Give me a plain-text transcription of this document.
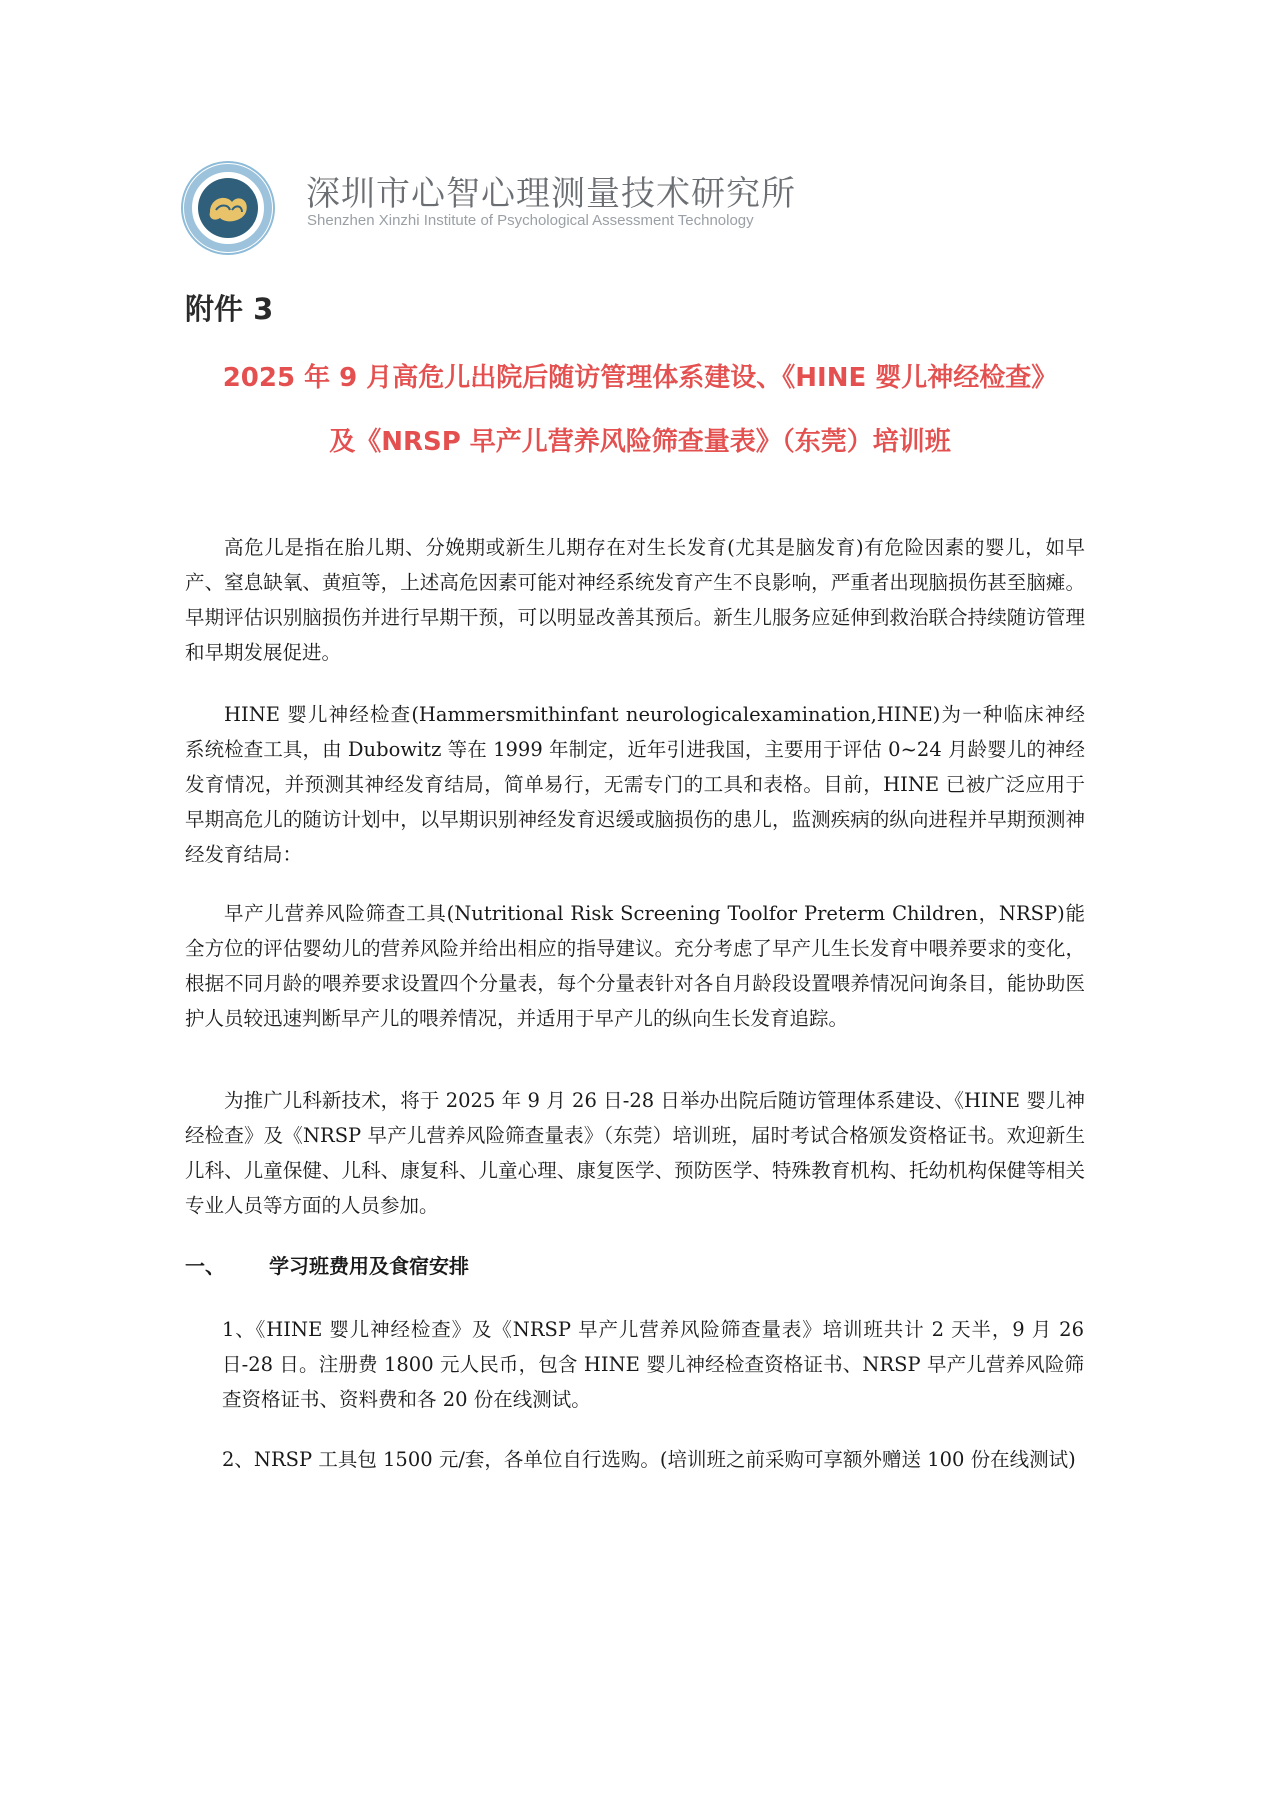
深圳市心智心理测量技术研究所
Shenzhen Xinzhi Institute of Psychological Assessment Technology
附件 3
2025 年 9 月高危儿出院后随访管理体系建设、《HINE 婴儿神经检查》
及《NRSP 早产儿营养风险筛查量表》（东莞）培训班

高危儿是指在胎儿期、分娩期或新生儿期存在对生长发育(尤其是脑发育)有危险因素的婴儿，如早产、窒息缺氧、黄疸等，上述高危因素可能对神经系统发育产生不良影响，严重者出现脑损伤甚至脑瘫。早期评估识别脑损伤并进行早期干预，可以明显改善其预后。新生儿服务应延伸到救治联合持续随访管理和早期发展促进。

HINE 婴儿神经检查(Hammersmithinfant neurologicalexamination,HINE)为一种临床神经系统检查工具，由 Dubowitz 等在 1999 年制定，近年引进我国，主要用于评估 0~24 月龄婴儿的神经发育情况，并预测其神经发育结局，简单易行，无需专门的工具和表格。目前，HINE 已被广泛应用于早期高危儿的随访计划中，以早期识别神经发育迟缓或脑损伤的患儿，监测疾病的纵向进程并早期预测神经发育结局：

早产儿营养风险筛查工具(Nutritional Risk Screening Toolfor Preterm Children，NRSP)能全方位的评估婴幼儿的营养风险并给出相应的指导建议。充分考虑了早产儿生长发育中喂养要求的变化，根据不同月龄的喂养要求设置四个分量表，每个分量表针对各自月龄段设置喂养情况问询条目，能协助医护人员较迅速判断早产儿的喂养情况，并适用于早产儿的纵向生长发育追踪。

为推广儿科新技术，将于 2025 年 9 月 26 日-28 日举办出院后随访管理体系建设、《HINE 婴儿神经检查》及《NRSP 早产儿营养风险筛查量表》（东莞）培训班，届时考试合格颁发资格证书。欢迎新生儿科、儿童保健、儿科、康复科、儿童心理、康复医学、预防医学、特殊教育机构、托幼机构保健等相关专业人员等方面的人员参加。

一、 学习班费用及食宿安排

1、《HINE 婴儿神经检查》及《NRSP 早产儿营养风险筛查量表》培训班共计 2 天半，9 月 26 日-28 日。注册费 1800 元人民币，包含 HINE 婴儿神经检查资格证书、NRSP 早产儿营养风险筛查资格证书、资料费和各 20 份在线测试。

2、NRSP 工具包 1500 元/套，各单位自行选购。(培训班之前采购可享额外赠送 100 份在线测试)
